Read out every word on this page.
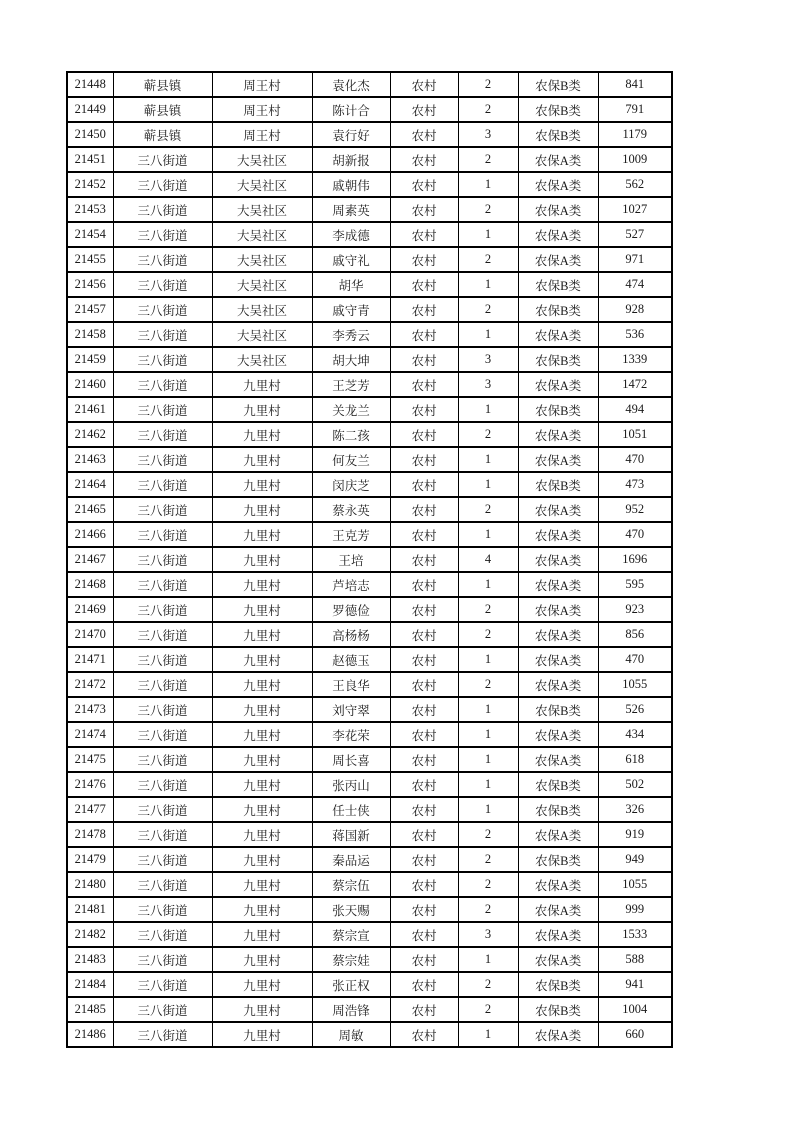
21448	蕲县镇	周王村	袁化杰	农村	2	农保B类	841
21449	蕲县镇	周王村	陈计合	农村	2	农保B类	791
21450	蕲县镇	周王村	袁行好	农村	3	农保B类	1179
21451	三八街道	大吴社区	胡新报	农村	2	农保A类	1009
21452	三八街道	大吴社区	戚朝伟	农村	1	农保A类	562
21453	三八街道	大吴社区	周素英	农村	2	农保A类	1027
21454	三八街道	大吴社区	李成德	农村	1	农保A类	527
21455	三八街道	大吴社区	戚守礼	农村	2	农保A类	971
21456	三八街道	大吴社区	胡华	农村	1	农保B类	474
21457	三八街道	大吴社区	戚守青	农村	2	农保B类	928
21458	三八街道	大吴社区	李秀云	农村	1	农保A类	536
21459	三八街道	大吴社区	胡大坤	农村	3	农保B类	1339
21460	三八街道	九里村	王芝芳	农村	3	农保A类	1472
21461	三八街道	九里村	关龙兰	农村	1	农保B类	494
21462	三八街道	九里村	陈二孩	农村	2	农保A类	1051
21463	三八街道	九里村	何友兰	农村	1	农保A类	470
21464	三八街道	九里村	闵庆芝	农村	1	农保B类	473
21465	三八街道	九里村	蔡永英	农村	2	农保A类	952
21466	三八街道	九里村	王克芳	农村	1	农保A类	470
21467	三八街道	九里村	王培	农村	4	农保A类	1696
21468	三八街道	九里村	芦培志	农村	1	农保A类	595
21469	三八街道	九里村	罗德俭	农村	2	农保A类	923
21470	三八街道	九里村	高杨杨	农村	2	农保A类	856
21471	三八街道	九里村	赵德玉	农村	1	农保A类	470
21472	三八街道	九里村	王良华	农村	2	农保A类	1055
21473	三八街道	九里村	刘守翠	农村	1	农保B类	526
21474	三八街道	九里村	李花荣	农村	1	农保A类	434
21475	三八街道	九里村	周长喜	农村	1	农保A类	618
21476	三八街道	九里村	张丙山	农村	1	农保B类	502
21477	三八街道	九里村	任士侠	农村	1	农保B类	326
21478	三八街道	九里村	蒋国新	农村	2	农保A类	919
21479	三八街道	九里村	秦品运	农村	2	农保B类	949
21480	三八街道	九里村	蔡宗伍	农村	2	农保A类	1055
21481	三八街道	九里村	张天赐	农村	2	农保A类	999
21482	三八街道	九里村	蔡宗宣	农村	3	农保A类	1533
21483	三八街道	九里村	蔡宗娃	农村	1	农保A类	588
21484	三八街道	九里村	张正权	农村	2	农保B类	941
21485	三八街道	九里村	周浩锋	农村	2	农保B类	1004
21486	三八街道	九里村	周敏	农村	1	农保A类	660
